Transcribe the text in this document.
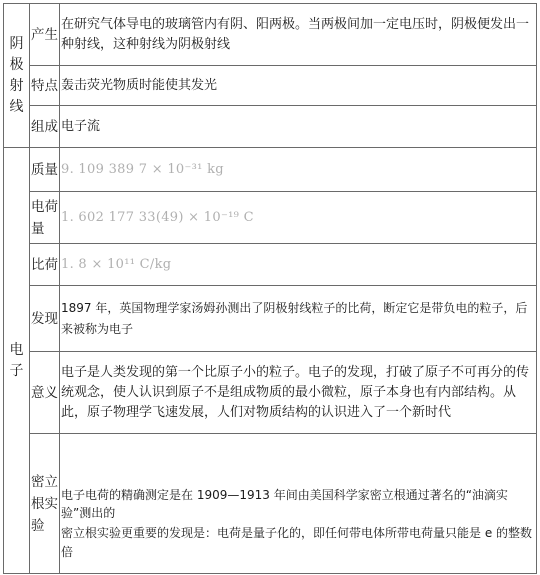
阴极射线	产生	在研究气体导电的玻璃管内有阴、阳两极。当两极间加一定电压时，阴极便发出一种射线，这种射线为阴极射线
	特点	轰击荧光物质时能使其发光
	组成	电子流

电子	质量	9. 109 389 7 × 10⁻³¹ kg
	电荷量	1. 602 177 33(49) × 10⁻¹⁹ C
	比荷	1. 8 × 10¹¹ C/kg
	发现	1897 年，英国物理学家汤姆孙测出了阴极射线粒子的比荷，断定它是带负电的粒子，后来被称为电子
	意义	电子是人类发现的第一个比原子小的粒子。电子的发现，打破了原子不可再分的传统观念，使人认识到原子不是组成物质的最小微粒，原子本身也有内部结构。从此，原子物理学飞速发展，人们对物质结构的认识进入了一个新时代
	密立根实验	电子电荷的精确测定是在 1909—1913 年间由美国科学家密立根通过著名的“油滴实验”测出的
密立根实验更重要的发现是：电荷是量子化的，即任何带电体所带电荷量只能是 e 的整数倍
